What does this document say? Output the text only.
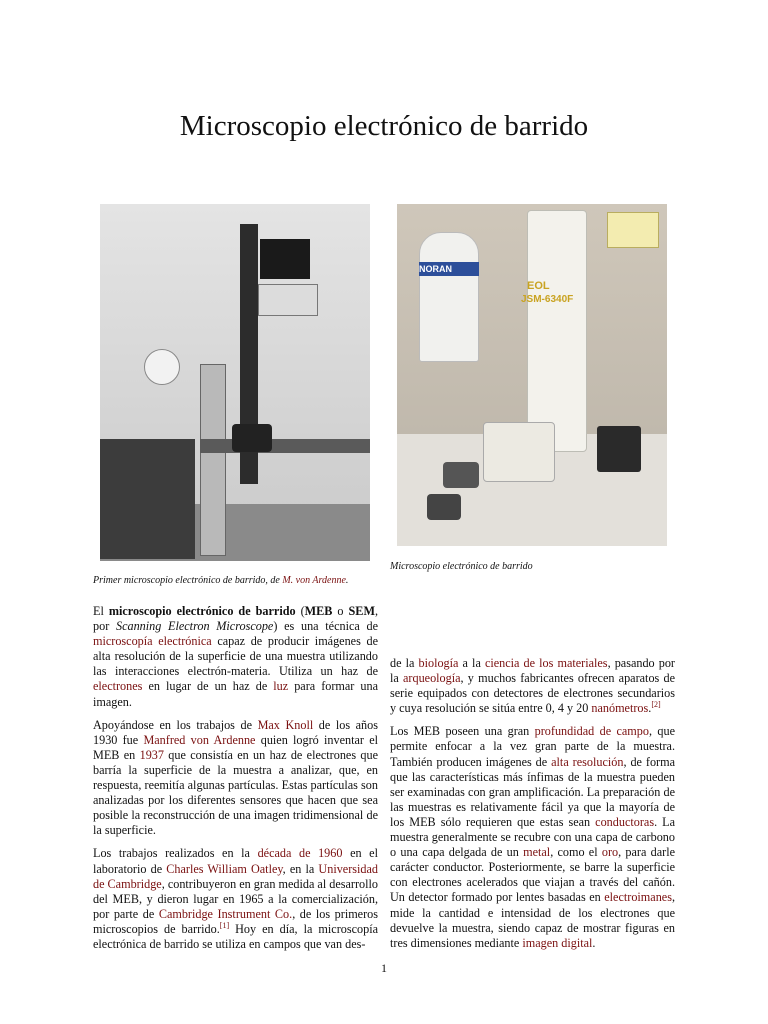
Microscopio electrónico de barrido
Primer microscopio electrónico de barrido, de M. von Ardenne.
NORAN
EOL
JSM-6340F
Microscopio electrónico de barrido

El microscopio electrónico de barrido (MEB o SEM, por Scanning Electron Microscope) es una técnica de microscopía electrónica capaz de producir imágenes de alta resolución de la superficie de una muestra utilizando las interacciones electrón-materia. Utiliza un haz de electrones en lugar de un haz de luz para formar una imagen.

Apoyándose en los trabajos de Max Knoll de los años 1930 fue Manfred von Ardenne quien logró inventar el MEB en 1937 que consistía en un haz de electrones que barría la superficie de la muestra a analizar, que, en respuesta, reemitía algunas partículas. Estas partículas son analizadas por los diferentes sensores que hacen que sea posible la reconstrucción de una imagen tridimensional de la superficie.

Los trabajos realizados en la década de 1960 en el laboratorio de Charles William Oatley, en la Universidad de Cambridge, contribuyeron en gran medida al desarrollo del MEB, y dieron lugar en 1965 a la comercialización, por parte de Cambridge Instrument Co., de los primeros microscopios de barrido.[1] Hoy en día, la microscopía electrónica de barrido se utiliza en campos que van des-

de la biología a la ciencia de los materiales, pasando por la arqueología, y muchos fabricantes ofrecen aparatos de serie equipados con detectores de electrones secundarios y cuya resolución se sitúa entre 0, 4 y 20 nanómetros.[2]

Los MEB poseen una gran profundidad de campo, que permite enfocar a la vez gran parte de la muestra. También producen imágenes de alta resolución, de forma que las características más ínfimas de la muestra pueden ser examinadas con gran amplificación. La preparación de las muestras es relativamente fácil ya que la mayoría de los MEB sólo requieren que estas sean conductoras. La muestra generalmente se recubre con una capa de carbono o una capa delgada de un metal, como el oro, para darle carácter conductor. Posteriormente, se barre la superficie con electrones acelerados que viajan a través del cañón. Un detector formado por lentes basadas en electroimanes, mide la cantidad e intensidad de los electrones que devuelve la muestra, siendo capaz de mostrar figuras en tres dimensiones mediante imagen digital.

1
